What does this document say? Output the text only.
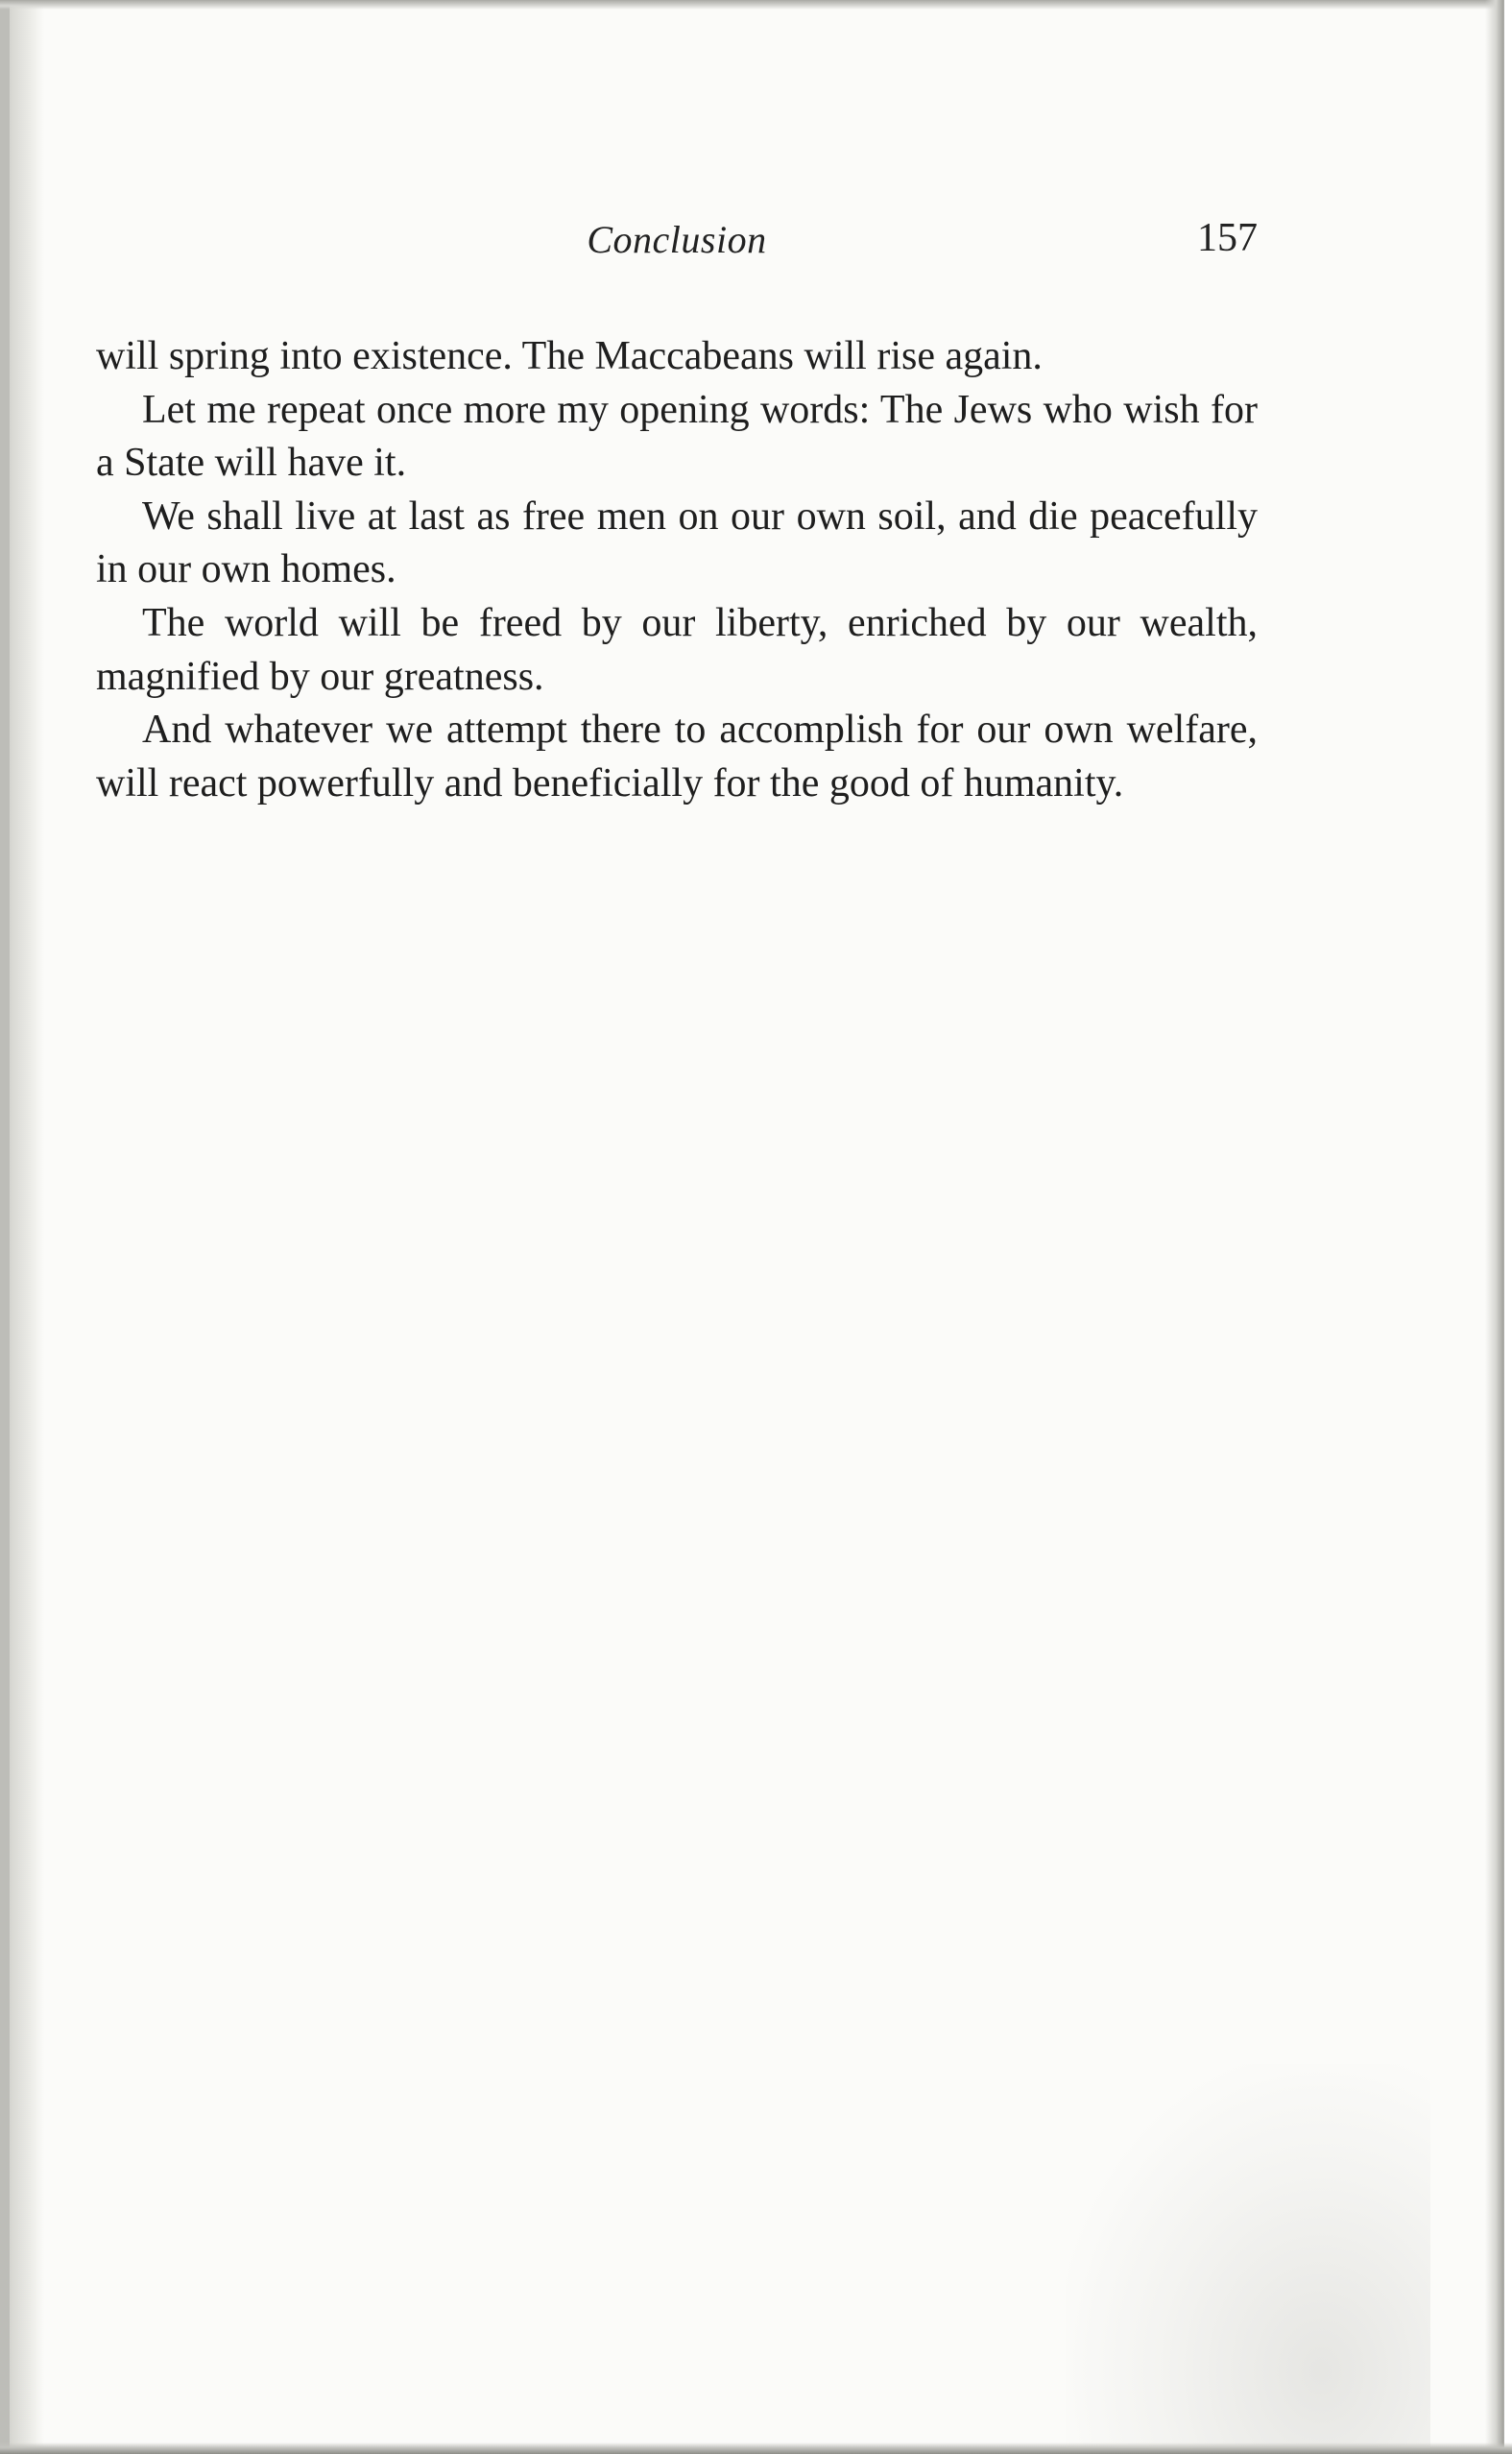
Conclusion	157

will spring into existence. The Maccabeans will rise again.

Let me repeat once more my opening words: The Jews who wish for a State will have it.

We shall live at last as free men on our own soil, and die peacefully in our own homes.

The world will be freed by our liberty, enriched by our wealth, magnified by our greatness.

And whatever we attempt there to accomplish for our own welfare, will react powerfully and beneficially for the good of humanity.
